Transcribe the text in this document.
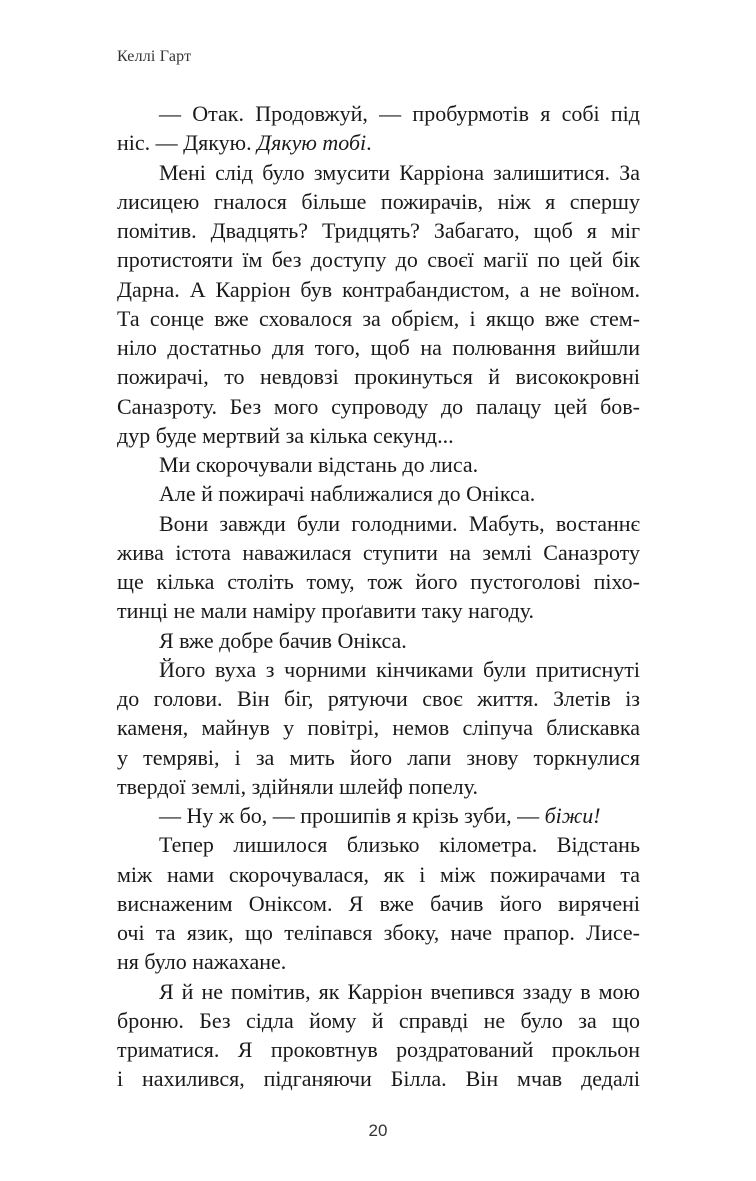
Келлі Гарт
— Отак. Продовжуй, — пробурмотів я собі під
ніс. — Дякую. Дякую тобі.
Мені слід було змусити Карріона залишитися. За
лисицею гналося більше пожирачів, ніж я спершу
помітив. Двадцять? Тридцять? Забагато, щоб я міг
протистояти їм без доступу до своєї магії по цей бік
Дарна. А Карріон був контрабандистом, а не воїном.
Та сонце вже сховалося за обрієм, і якщо вже стем-
ніло достатньо для того, щоб на полювання вийшли
пожирачі, то невдовзі прокинуться й висококровні
Саназроту. Без мого супроводу до палацу цей бов-
дур буде мертвий за кілька секунд...
Ми скорочували відстань до лиса.
Але й пожирачі наближалися до Онікса.
Вони завжди були голодними. Мабуть, востаннє
жива істота наважилася ступити на землі Саназроту
ще кілька століть тому, тож його пустоголові піхо-
тинці не мали наміру проґавити таку нагоду.
Я вже добре бачив Онікса.
Його вуха з чорними кінчиками були притиснуті
до голови. Він біг, рятуючи своє життя. Злетів із
каменя, майнув у повітрі, немов сліпуча блискавка
у темряві, і за мить його лапи знову торкнулися
твердої землі, здійняли шлейф попелу.
— Ну ж бо, — прошипів я крізь зуби, — біжи!
Тепер лишилося близько кілометра. Відстань
між нами скорочувалася, як і між пожирачами та
виснаженим Оніксом. Я вже бачив його вирячені
очі та язик, що теліпався збоку, наче прапор. Лисе-
ня було нажахане.
Я й не помітив, як Карріон вчепився ззаду в мою
броню. Без сідла йому й справді не було за що
триматися. Я проковтнув роздратований прокльон
і нахилився, підганяючи Білла. Він мчав дедалі
20
